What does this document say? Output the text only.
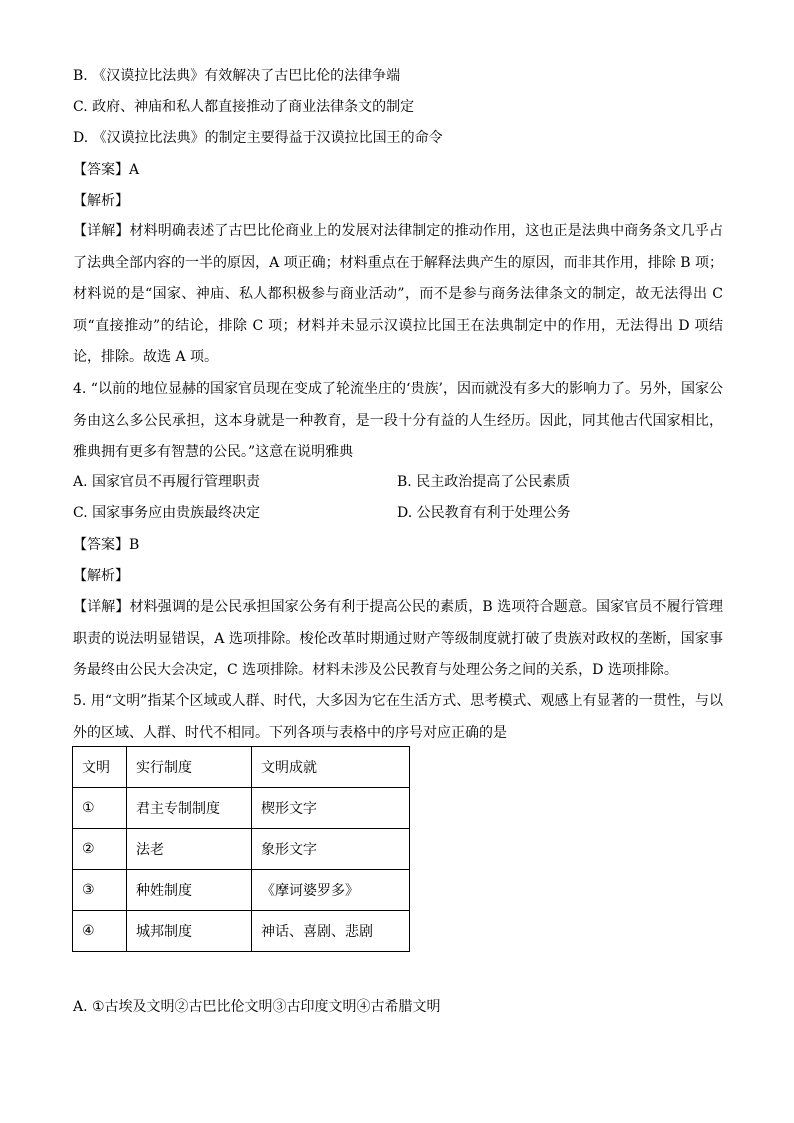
B. 《汉谟拉比法典》有效解决了古巴比伦的法律争端
C. 政府、神庙和私人都直接推动了商业法律条文的制定
D. 《汉谟拉比法典》的制定主要得益于汉谟拉比国王的命令
【答案】A
【解析】
【详解】材料明确表述了古巴比伦商业上的发展对法律制定的推动作用，这也正是法典中商务条文几乎占了法典全部内容的一半的原因，A 项正确；材料重点在于解释法典产生的原因，而非其作用，排除 B 项；材料说的是“国家、神庙、私人都积极参与商业活动”，而不是参与商务法律条文的制定，故无法得出 C 项“直接推动”的结论，排除 C 项；材料并未显示汉谟拉比国王在法典制定中的作用，无法得出 D 项结论，排除。故选 A 项。
4. “以前的地位显赫的国家官员现在变成了轮流坐庄的‘贵族’，因而就没有多大的影响力了。另外，国家公务由这么多公民承担，这本身就是一种教育，是一段十分有益的人生经历。因此，同其他古代国家相比，雅典拥有更多有智慧的公民。”这意在说明雅典
A. 国家官员不再履行管理职责	B. 民主政治提高了公民素质
C. 国家事务应由贵族最终决定	D. 公民教育有利于处理公务
【答案】B
【解析】
【详解】材料强调的是公民承担国家公务有利于提高公民的素质，B 选项符合题意。国家官员不履行管理职责的说法明显错误，A 选项排除。梭伦改革时期通过财产等级制度就打破了贵族对政权的垄断，国家事务最终由公民大会决定，C 选项排除。材料未涉及公民教育与处理公务之间的关系，D 选项排除。
5. 用“文明”指某个区域或人群、时代，大多因为它在生活方式、思考模式、观感上有显著的一贯性，与以外的区域、人群、时代不相同。下列各项与表格中的序号对应正确的是
文明	实行制度	文明成就
①	君主专制制度	楔形文字
②	法老	象形文字
③	种姓制度	《摩诃婆罗多》
④	城邦制度	神话、喜剧、悲剧
A. ①古埃及文明②古巴比伦文明③古印度文明④古希腊文明
